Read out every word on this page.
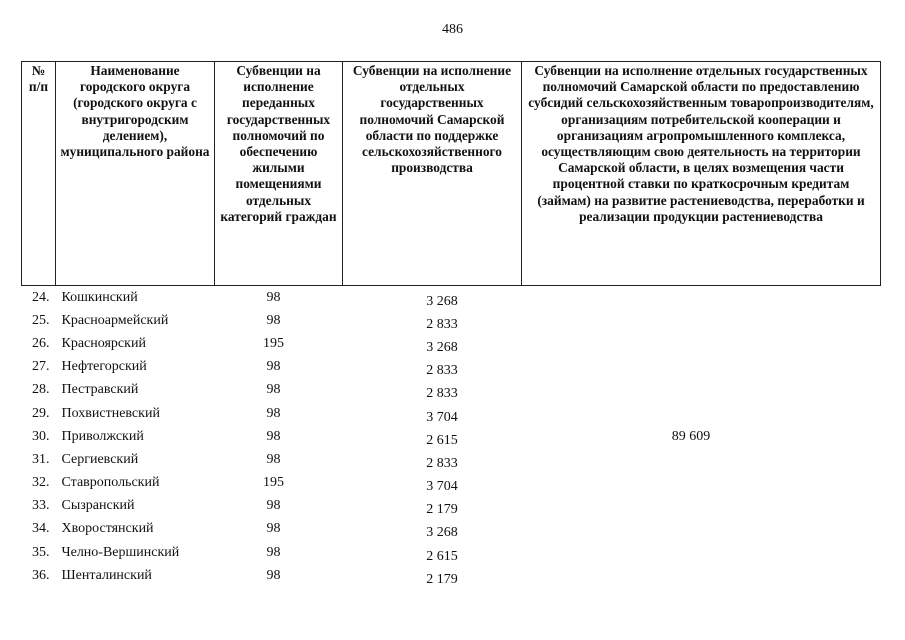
486
№ п/п	Наименование городского округа (городского округа с внутригородским делением), муниципального района	Субвенции на исполнение переданных государственных полномочий по обеспечению жилыми помещениями отдельных категорий граждан	Субвенции на исполнение отдельных государственных полномочий Самарской области по поддержке сельскохозяйственного производства	Субвенции на исполнение отдельных государственных полномочий Самарской области по предоставлению субсидий сельскохозяйственным товаропроизводителям, организациям потребительской кооперации и организациям агропромышленного комплекса, осуществляющим свою деятельность на территории Самарской области, в целях возмещения части процентной ставки по краткосрочным кредитам (займам) на развитие растениеводства, переработки и реализации продукции растениеводства
24.	Кошкинский	98	3 268	89 609
25.	Красноармейский	98	2 833	
26.	Красноярский	195	3 268	
27.	Нефтегорский	98	2 833	
28.	Пестравский	98	2 833	
29.	Похвистневский	98	3 704	
30.	Приволжский	98	2 615	
31.	Сергиевский	98	2 833	
32.	Ставропольский	195	3 704	
33.	Сызранский	98	2 179	
34.	Хворостянский	98	3 268	
35.	Челно-Вершинский	98	2 615	
36.	Шенталинский	98	2 179	
